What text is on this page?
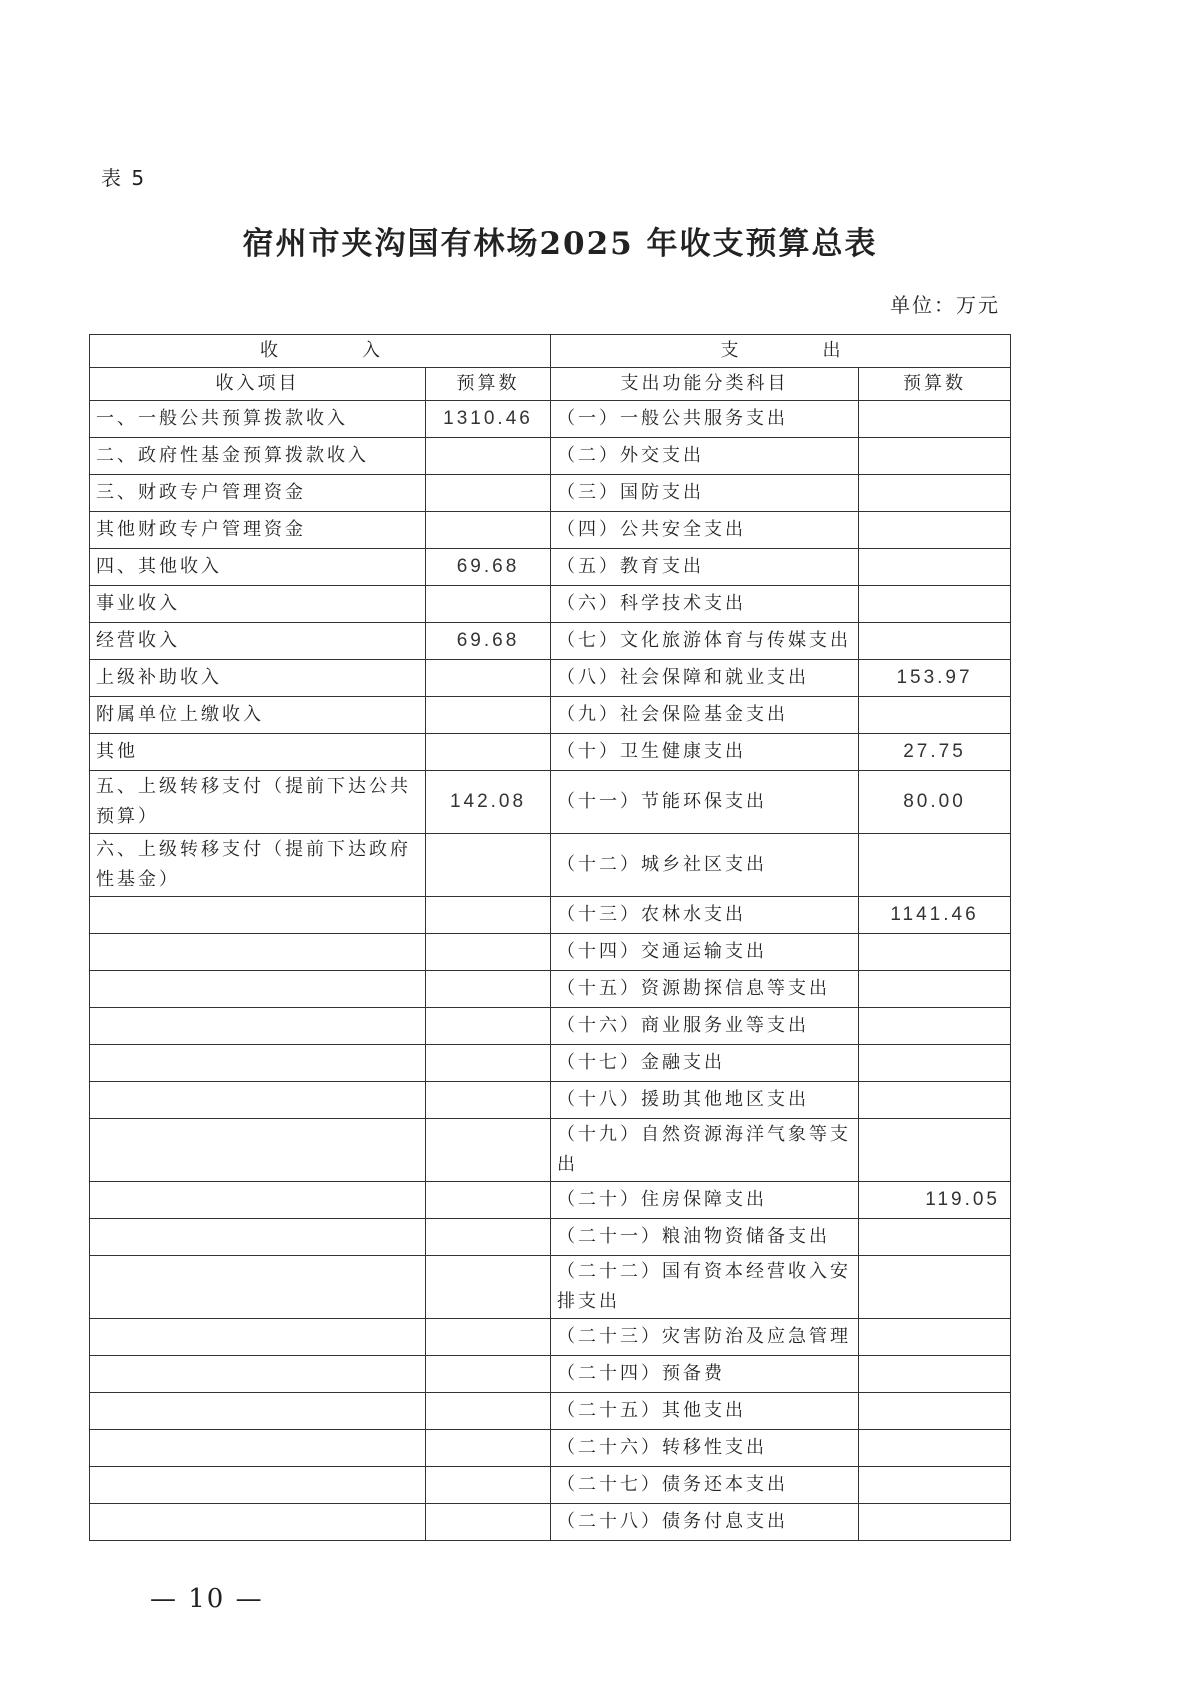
表 5
宿州市夹沟国有林场2025 年收支预算总表
单位：万元
收 入		支 出	
收入项目	预算数	支出功能分类科目	预算数
一、一般公共预算拨款收入	1310.46	（一）一般公共服务支出	
二、政府性基金预算拨款收入		（二）外交支出	
三、财政专户管理资金		（三）国防支出	
其他财政专户管理资金		（四）公共安全支出	
四、其他收入	69.68	（五）教育支出	
事业收入		（六）科学技术支出	
经营收入	69.68	（七）文化旅游体育与传媒支出	
上级补助收入		（八）社会保障和就业支出	153.97
附属单位上缴收入		（九）社会保险基金支出	
其他		（十）卫生健康支出	27.75
五、上级转移支付（提前下达公共预算）	142.08	（十一）节能环保支出	80.00
六、上级转移支付（提前下达政府性基金）		（十二）城乡社区支出	
		（十三）农林水支出	1141.46
		（十四）交通运输支出	
		（十五）资源勘探信息等支出	
		（十六）商业服务业等支出	
		（十七）金融支出	
		（十八）援助其他地区支出	
		（十九）自然资源海洋气象等支出	
		（二十）住房保障支出	119.05
		（二十一）粮油物资储备支出	
		（二十二）国有资本经营收入安排支出	
		（二十三）灾害防治及应急管理	
		（二十四）预备费	
		（二十五）其他支出	
		（二十六）转移性支出	
		（二十七）债务还本支出	
		（二十八）债务付息支出	
— 10 —
